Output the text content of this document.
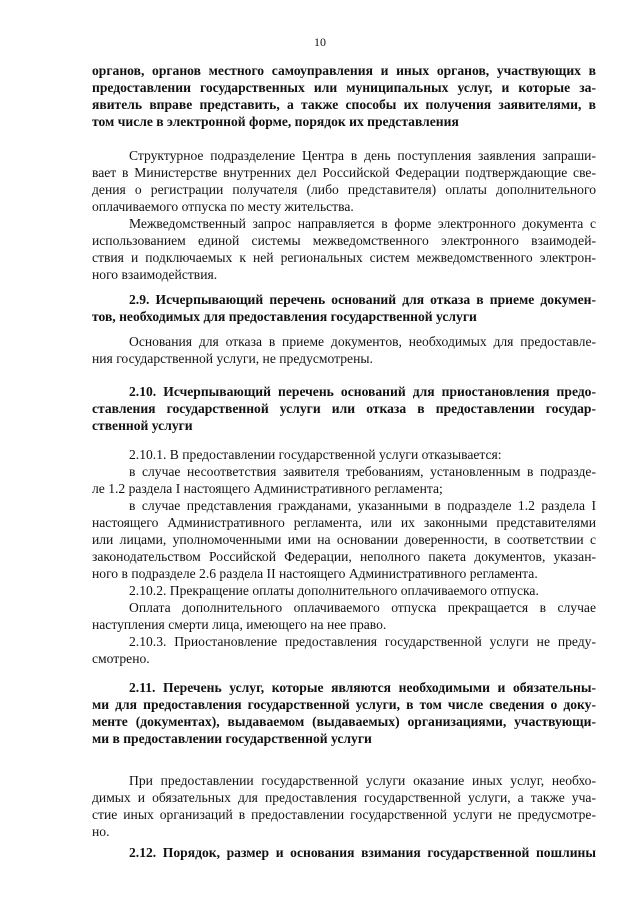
10
органов, органов местного самоуправления и иных органов, участвующих в
предоставлении государственных или муниципальных услуг, и которые за-
явитель вправе представить, а также способы их получения заявителями, в
том числе в электронной форме, порядок их представления
Структурное подразделение Центра в день поступления заявления запраши-
вает в Министерстве внутренних дел Российской Федерации подтверждающие све-
дения о регистрации получателя (либо представителя) оплаты дополнительного
оплачиваемого отпуска по месту жительства.
Межведомственный запрос направляется в форме электронного документа с
использованием единой системы межведомственного электронного взаимодей-
ствия и подключаемых к ней региональных систем межведомственного электрон-
ного взаимодействия.
2.9. Исчерпывающий перечень оснований для отказа в приеме докумен-
тов, необходимых для предоставления государственной услуги
Основания для отказа в приеме документов, необходимых для предоставле-
ния государственной услуги, не предусмотрены.
2.10. Исчерпывающий перечень оснований для приостановления предо-
ставления государственной услуги или отказа в предоставлении государ-
ственной услуги
2.10.1. В предоставлении государственной услуги отказывается:
в случае несоответствия заявителя требованиям, установленным в подразде-
ле 1.2 раздела I настоящего Административного регламента;
в случае представления гражданами, указанными в подразделе 1.2 раздела I
настоящего Административного регламента, или их законными представителями
или лицами, уполномоченными ими на основании доверенности, в соответствии с
законодательством Российской Федерации, неполного пакета документов, указан-
ного в подразделе 2.6 раздела II настоящего Административного регламента.
2.10.2. Прекращение оплаты дополнительного оплачиваемого отпуска.
Оплата дополнительного оплачиваемого отпуска прекращается в случае
наступления смерти лица, имеющего на нее право.
2.10.3. Приостановление предоставления государственной услуги не преду-
смотрено.
2.11. Перечень услуг, которые являются необходимыми и обязательны-
ми для предоставления государственной услуги, в том числе сведения о доку-
менте (документах), выдаваемом (выдаваемых) организациями, участвующи-
ми в предоставлении государственной услуги
При предоставлении государственной услуги оказание иных услуг, необхо-
димых и обязательных для предоставления государственной услуги, а также уча-
стие иных организаций в предоставлении государственной услуги не предусмотре-
но.
2.12. Порядок, размер и основания взимания государственной пошлины
